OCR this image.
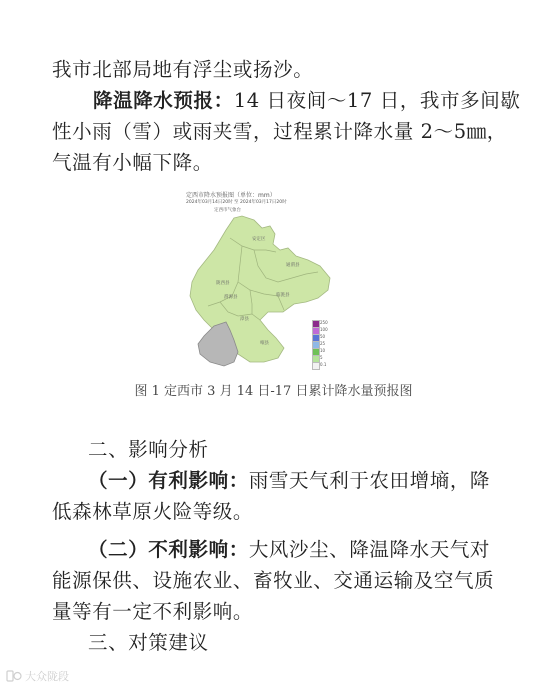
我市北部局地有浮尘或扬沙。
降温降水预报：14 日夜间～17 日，我市多间歇
性小雨（雪）或雨夹雪，过程累计降水量 2～5㎜，
气温有小幅下降。
定西市降水预报图（单位：mm）
2024年03月14日20时 至 2024年03月17日20时
定西市气象台
安定区
陇西县
通渭县
渭源县
漳县
岷县
临洮县
250
100
50
25
10
5
0.1
图 1 定西市 3 月 14 日-17 日累计降水量预报图
二、影响分析
（一）有利影响：雨雪天气利于农田增墒，降
低森林草原火险等级。
（二）不利影响：大风沙尘、降温降水天气对
能源保供、设施农业、畜牧业、交通运输及空气质
量等有一定不利影响。
三、对策建议
大众陇段
